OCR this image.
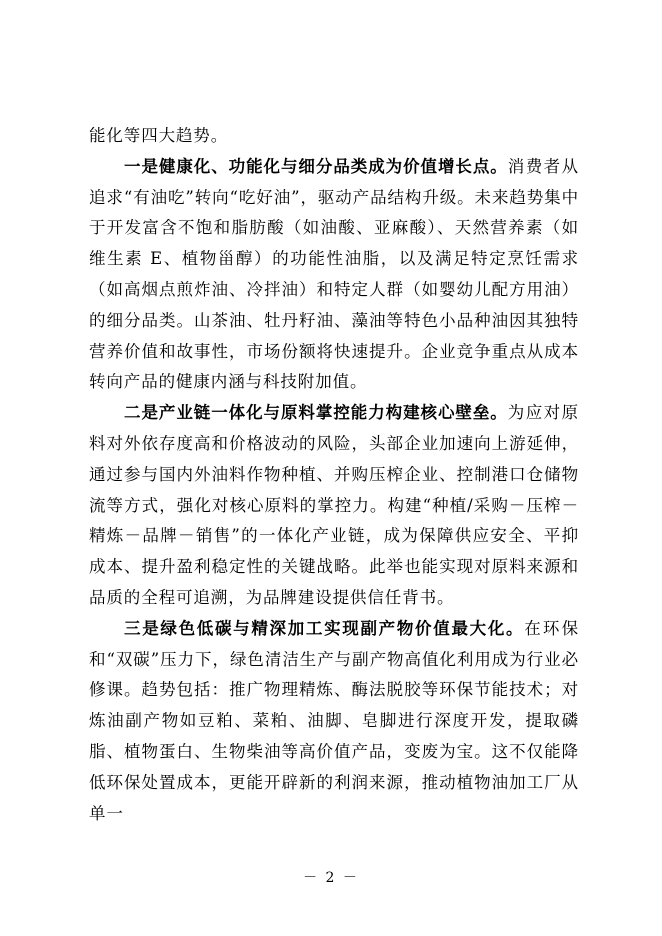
能化等四大趋势。

一是健康化、功能化与细分品类成为价值增长点。消费者从追求“有油吃”转向“吃好油”，驱动产品结构升级。未来趋势集中于开发富含不饱和脂肪酸（如油酸、亚麻酸）、天然营养素（如维生素 E、植物甾醇）的功能性油脂，以及满足特定烹饪需求（如高烟点煎炸油、冷拌油）和特定人群（如婴幼儿配方用油）的细分品类。山茶油、牡丹籽油、藻油等特色小品种油因其独特营养价值和故事性，市场份额将快速提升。企业竞争重点从成本转向产品的健康内涵与科技附加值。

二是产业链一体化与原料掌控能力构建核心壁垒。为应对原料对外依存度高和价格波动的风险，头部企业加速向上游延伸，通过参与国内外油料作物种植、并购压榨企业、控制港口仓储物流等方式，强化对核心原料的掌控力。构建“种植/采购－压榨－精炼－品牌－销售”的一体化产业链，成为保障供应安全、平抑成本、提升盈利稳定性的关键战略。此举也能实现对原料来源和品质的全程可追溯，为品牌建设提供信任背书。

三是绿色低碳与精深加工实现副产物价值最大化。在环保和“双碳”压力下，绿色清洁生产与副产物高值化利用成为行业必修课。趋势包括：推广物理精炼、酶法脱胶等环保节能技术；对炼油副产物如豆粕、菜粕、油脚、皂脚进行深度开发，提取磷脂、植物蛋白、生物柴油等高价值产品，变废为宝。这不仅能降低环保处置成本，更能开辟新的利润来源，推动植物油加工厂从单一

－ 2 －
